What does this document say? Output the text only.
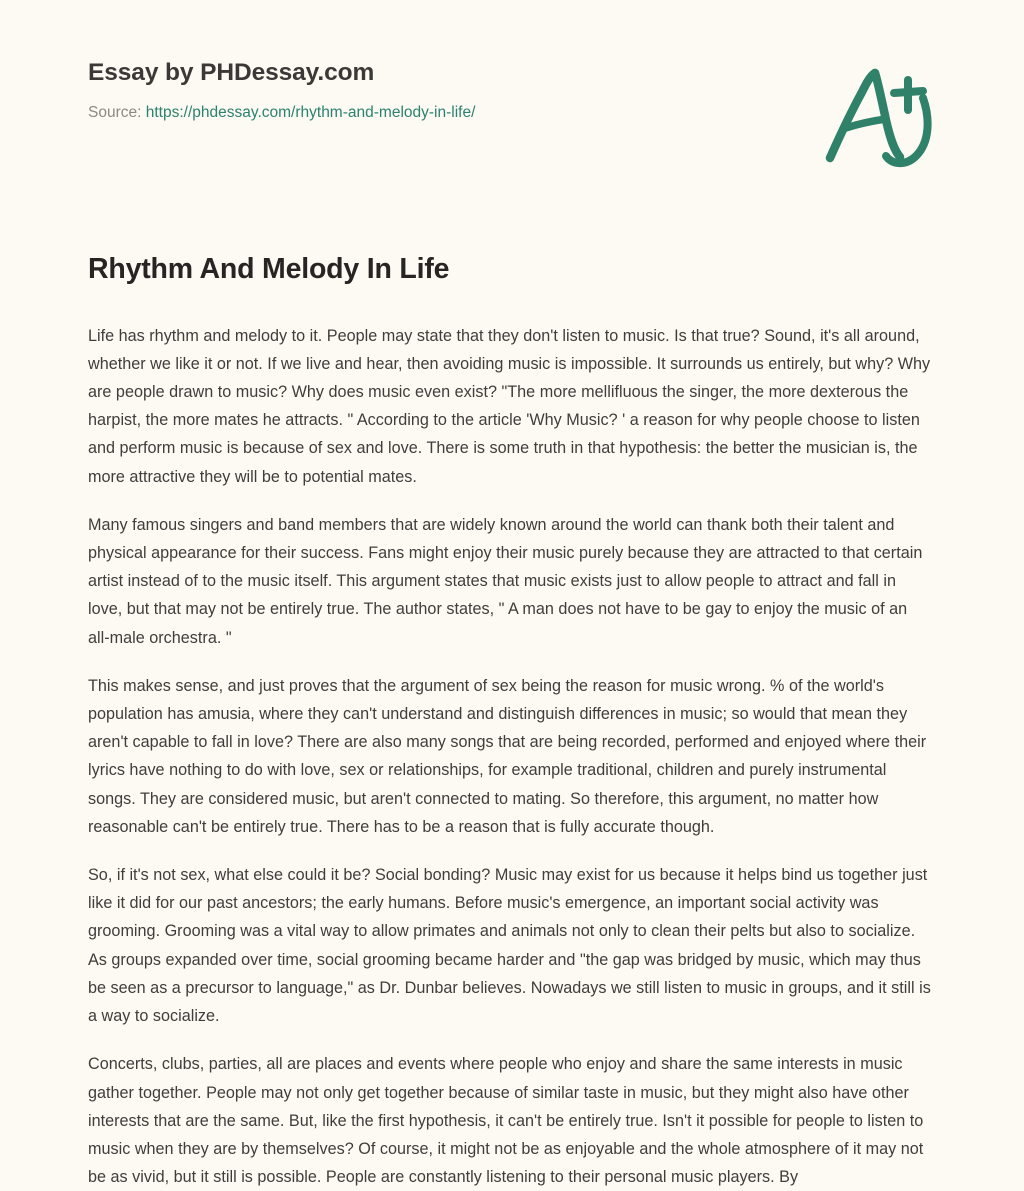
Essay by PHDessay.com
Source: https://phdessay.com/rhythm-and-melody-in-life/
Rhythm And Melody In Life

Life has rhythm and melody to it. People may state that they don't listen to music. Is that true? Sound, it's all around, whether we like it or not. If we live and hear, then avoiding music is impossible. It surrounds us entirely, but why? Why are people drawn to music? Why does music even exist? "The more mellifluous the singer, the more dexterous the harpist, the more mates he attracts. " According to the article 'Why Music? ' a reason for why people choose to listen and perform music is because of sex and love. There is some truth in that hypothesis: the better the musician is, the more attractive they will be to potential mates.

Many famous singers and band members that are widely known around the world can thank both their talent and physical appearance for their success. Fans might enjoy their music purely because they are attracted to that certain artist instead of to the music itself. This argument states that music exists just to allow people to attract and fall in love, but that may not be entirely true. The author states, " A man does not have to be gay to enjoy the music of an all-male orchestra. "

This makes sense, and just proves that the argument of sex being the reason for music wrong. % of the world's population has amusia, where they can't understand and distinguish differences in music; so would that mean they aren't capable to fall in love? There are also many songs that are being recorded, performed and enjoyed where their lyrics have nothing to do with love, sex or relationships, for example traditional, children and purely instrumental songs. They are considered music, but aren't connected to mating. So therefore, this argument, no matter how reasonable can't be entirely true. There has to be a reason that is fully accurate though.

So, if it's not sex, what else could it be? Social bonding? Music may exist for us because it helps bind us together just like it did for our past ancestors; the early humans. Before music's emergence, an important social activity was grooming. Grooming was a vital way to allow primates and animals not only to clean their pelts but also to socialize. As groups expanded over time, social grooming became harder and "the gap was bridged by music, which may thus be seen as a precursor to language," as Dr. Dunbar believes. Nowadays we still listen to music in groups, and it still is a way to socialize.

Concerts, clubs, parties, all are places and events where people who enjoy and share the same interests in music gather together. People may not only get together because of similar taste in music, but they might also have other interests that are the same. But, like the first hypothesis, it can't be entirely true. Isn't it possible for people to listen to music when they are by themselves? Of course, it might not be as enjoyable and the whole atmosphere of it may not be as vivid, but it still is possible. People are constantly listening to their personal music players. By
